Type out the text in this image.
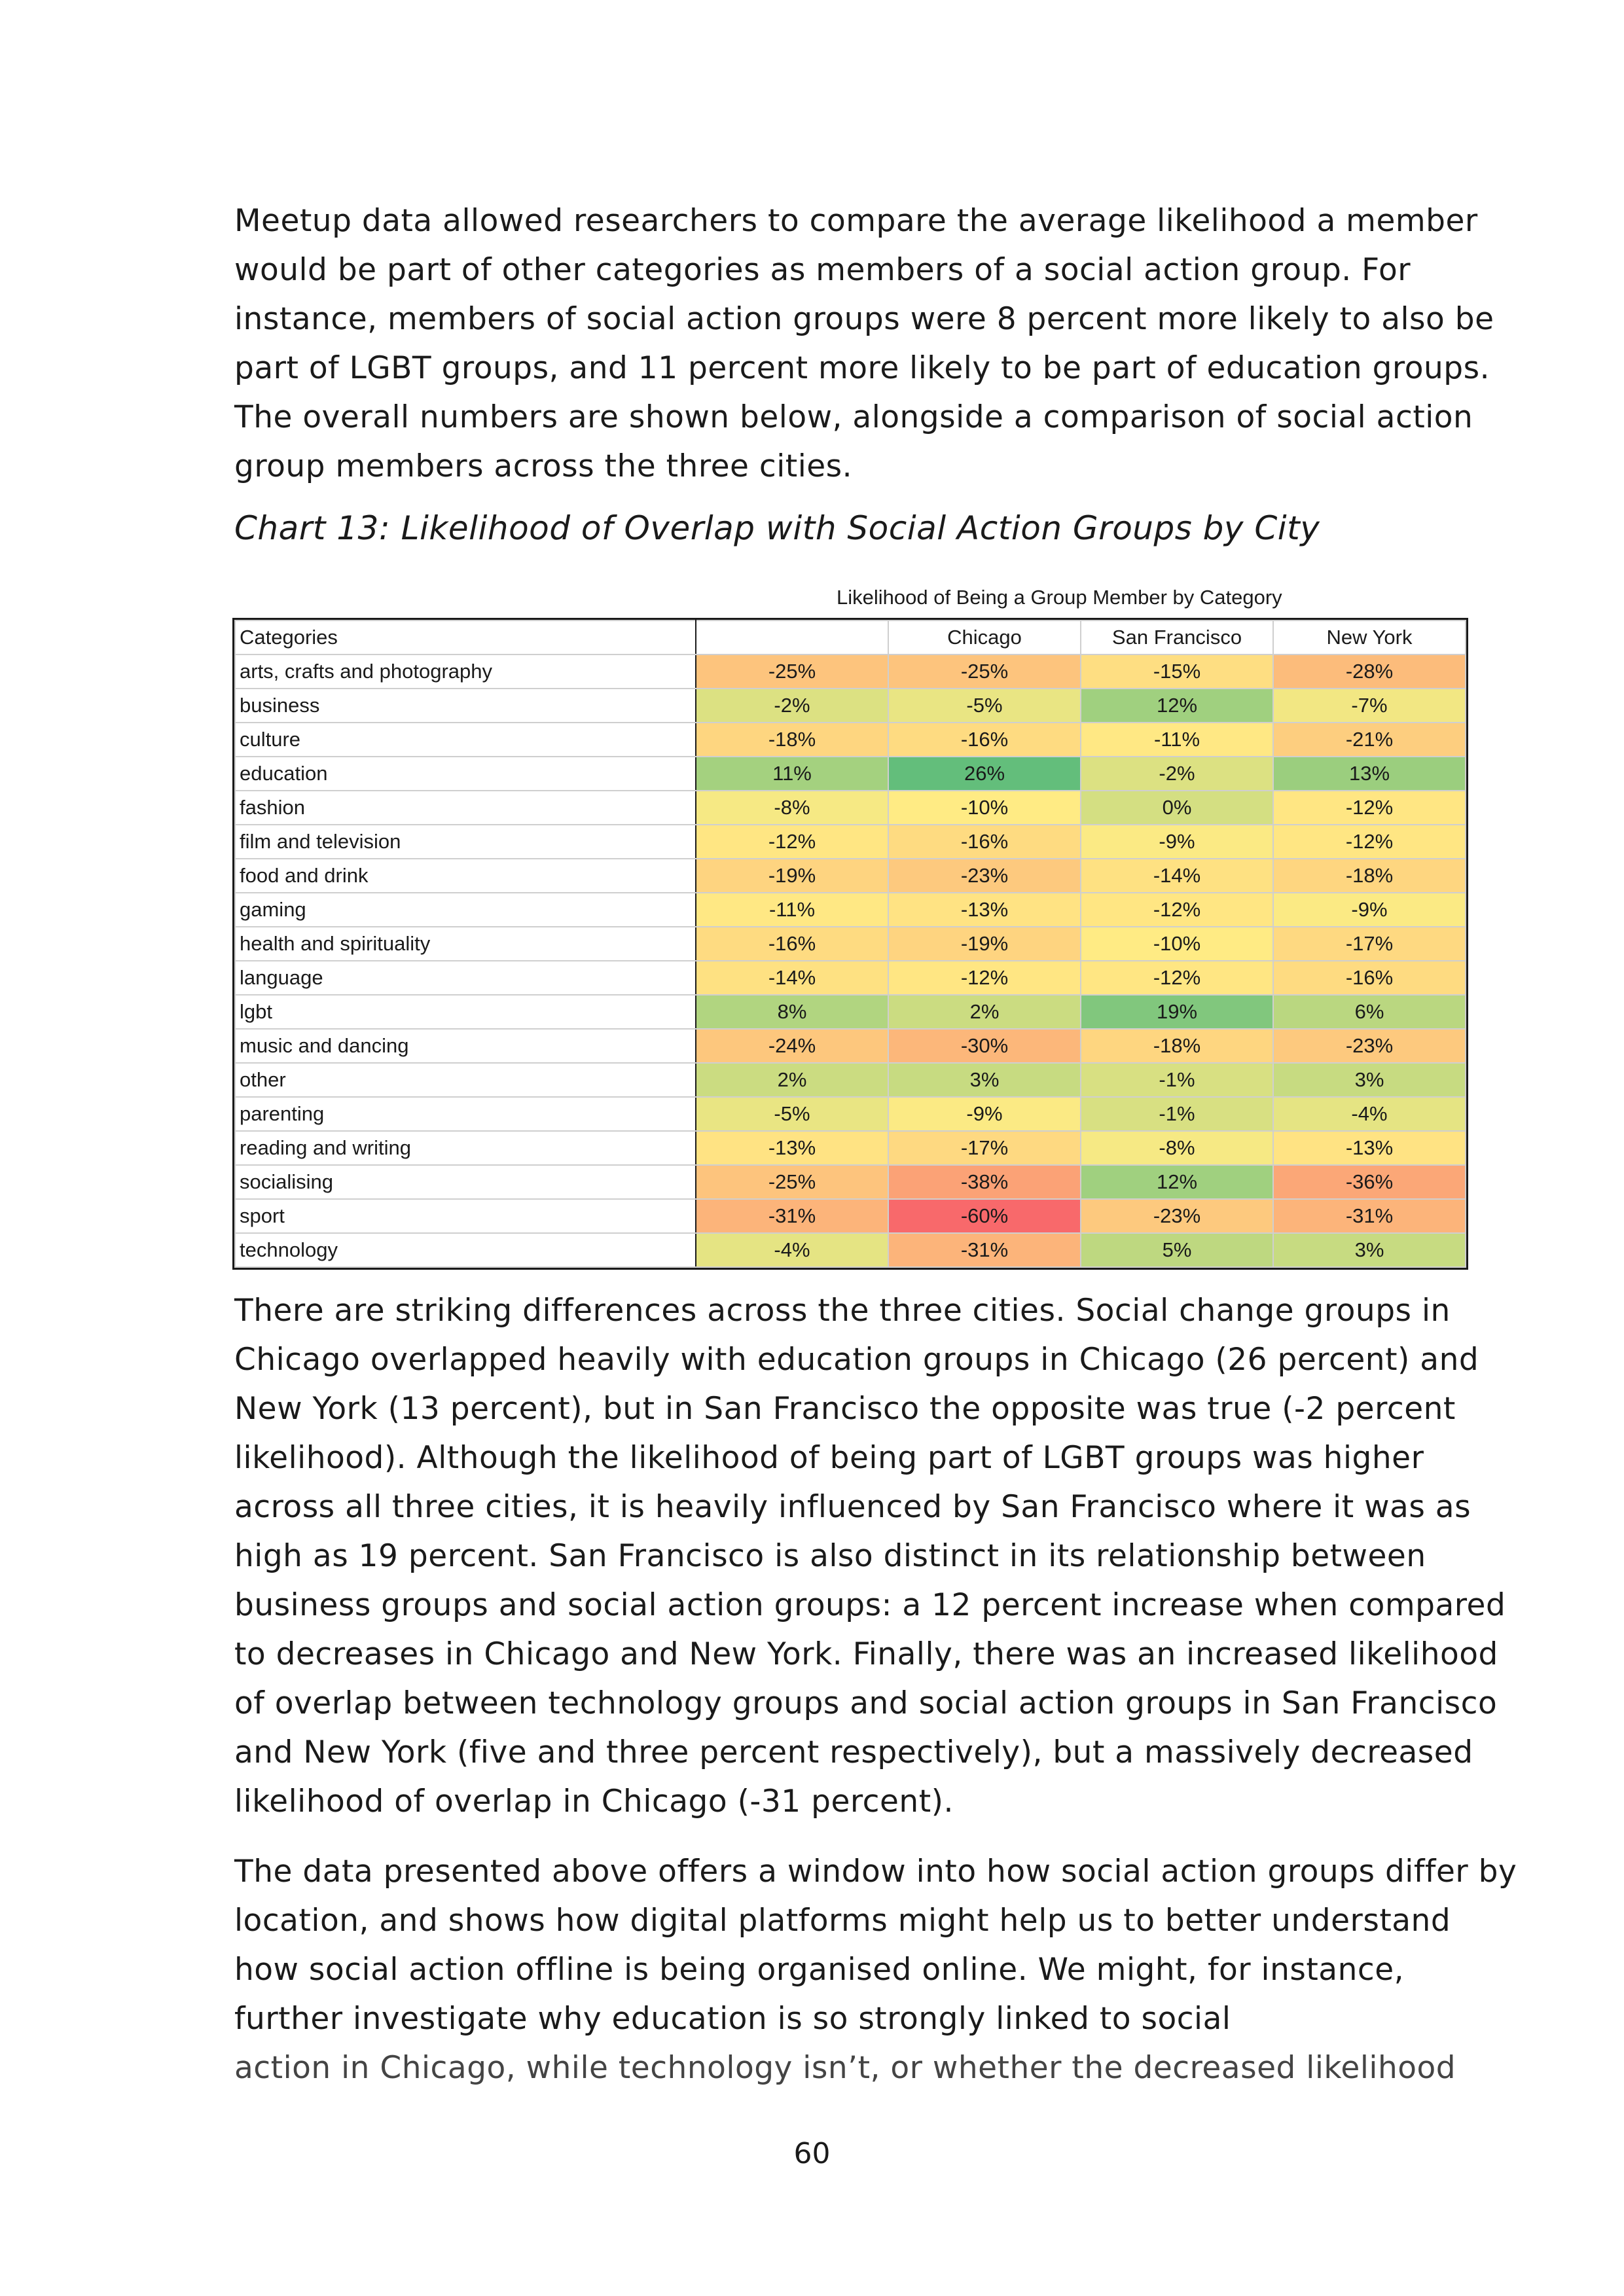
Meetup data allowed researchers to compare the average likelihood a member would be part of other categories as members of a social action group. For instance, members of social action groups were 8 percent more likely to also be part of LGBT groups, and 11 percent more likely to be part of education groups. The overall numbers are shown below, alongside a comparison of social action group members across the three cities.

Chart 13: Likelihood of Overlap with Social Action Groups by City

Likelihood of Being a Group Member by Category
Categories		Chicago	San Francisco	New York
arts, crafts and photography	-25%	-25%	-15%	-28%
business	-2%	-5%	12%	-7%
culture	-18%	-16%	-11%	-21%
education	11%	26%	-2%	13%
fashion	-8%	-10%	0%	-12%
film and television	-12%	-16%	-9%	-12%
food and drink	-19%	-23%	-14%	-18%
gaming	-11%	-13%	-12%	-9%
health and spirituality	-16%	-19%	-10%	-17%
language	-14%	-12%	-12%	-16%
lgbt	8%	2%	19%	6%
music and dancing	-24%	-30%	-18%	-23%
other	2%	3%	-1%	3%
parenting	-5%	-9%	-1%	-4%
reading and writing	-13%	-17%	-8%	-13%
socialising	-25%	-38%	12%	-36%
sport	-31%	-60%	-23%	-31%
technology	-4%	-31%	5%	3%

There are striking differences across the three cities. Social change groups in Chicago overlapped heavily with education groups in Chicago (26 percent) and New York (13 percent), but in San Francisco the opposite was true (-2 percent likelihood). Although the likelihood of being part of LGBT groups was higher across all three cities, it is heavily influenced by San Francisco where it was as high as 19 percent. San Francisco is also distinct in its relationship between business groups and social action groups: a 12 percent increase when compared to decreases in Chicago and New York. Finally, there was an increased likelihood of overlap between technology groups and social action groups in San Francisco and New York (five and three percent respectively), but a massively decreased likelihood of overlap in Chicago (-31 percent).

The data presented above offers a window into how social action groups differ by location, and shows how digital platforms might help us to better understand how social action offline is being organised online. We might, for instance, further investigate why education is so strongly linked to social

action in Chicago, while technology isn’t, or whether the decreased likelihood

60
